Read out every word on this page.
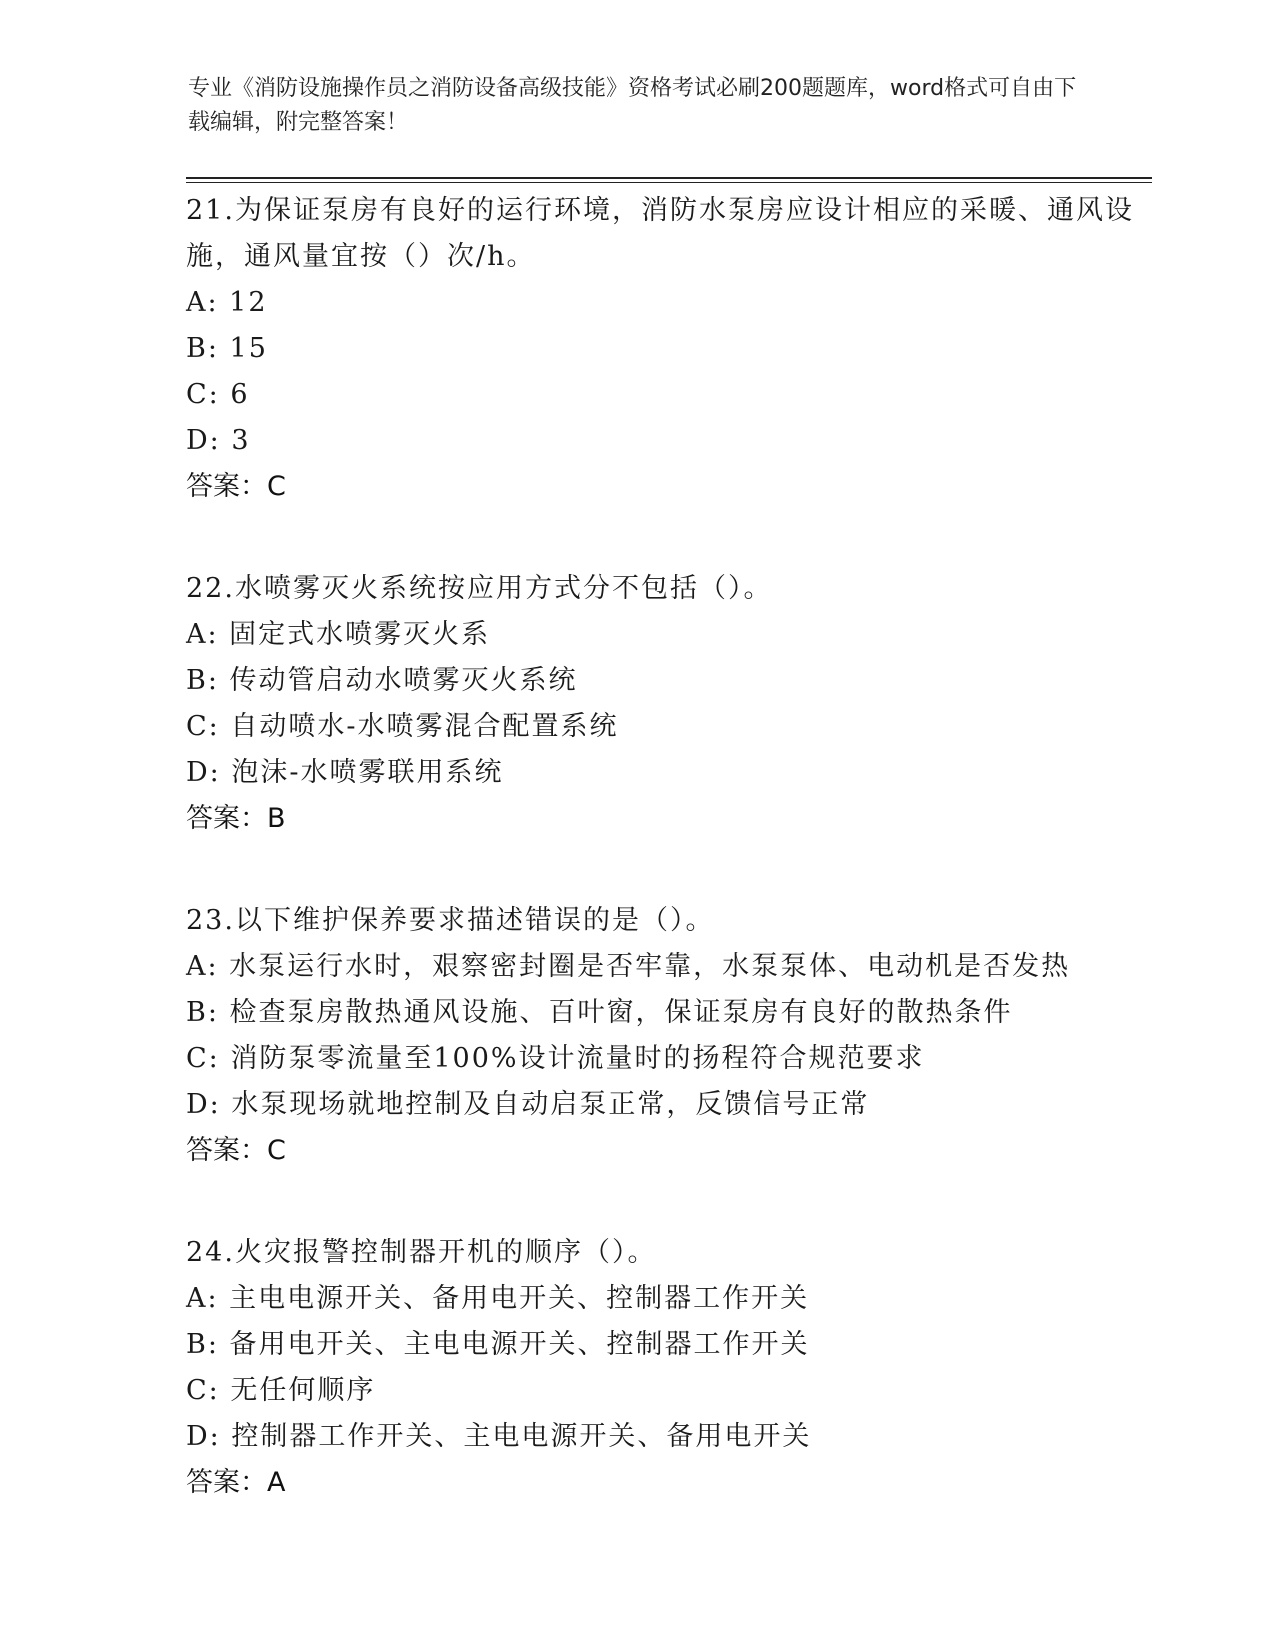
专业《消防设施操作员之消防设备高级技能》资格考试必刷200题题库，word格式可自由下载编辑，附完整答案！
21.为保证泵房有良好的运行环境，消防水泵房应设计相应的采暖、通风设施，通风量宜按（）次/h。
A: 12
B: 15
C: 6
D: 3
答案：C
22.水喷雾灭火系统按应用方式分不包括（）。
A: 固定式水喷雾灭火系
B: 传动管启动水喷雾灭火系统
C: 自动喷水-水喷雾混合配置系统
D: 泡沫-水喷雾联用系统
答案：B
23.以下维护保养要求描述错误的是（）。
A: 水泵运行水时，艰察密封圈是否牢靠，水泵泵体、电动机是否发热
B: 检查泵房散热通风设施、百叶窗，保证泵房有良好的散热条件
C: 消防泵零流量至100%设计流量时的扬程符合规范要求
D: 水泵现场就地控制及自动启泵正常，反馈信号正常
答案：C
24.火灾报警控制器开机的顺序（）。
A: 主电电源开关、备用电开关、控制器工作开关
B: 备用电开关、主电电源开关、控制器工作开关
C: 无任何顺序
D: 控制器工作开关、主电电源开关、备用电开关
答案：A
